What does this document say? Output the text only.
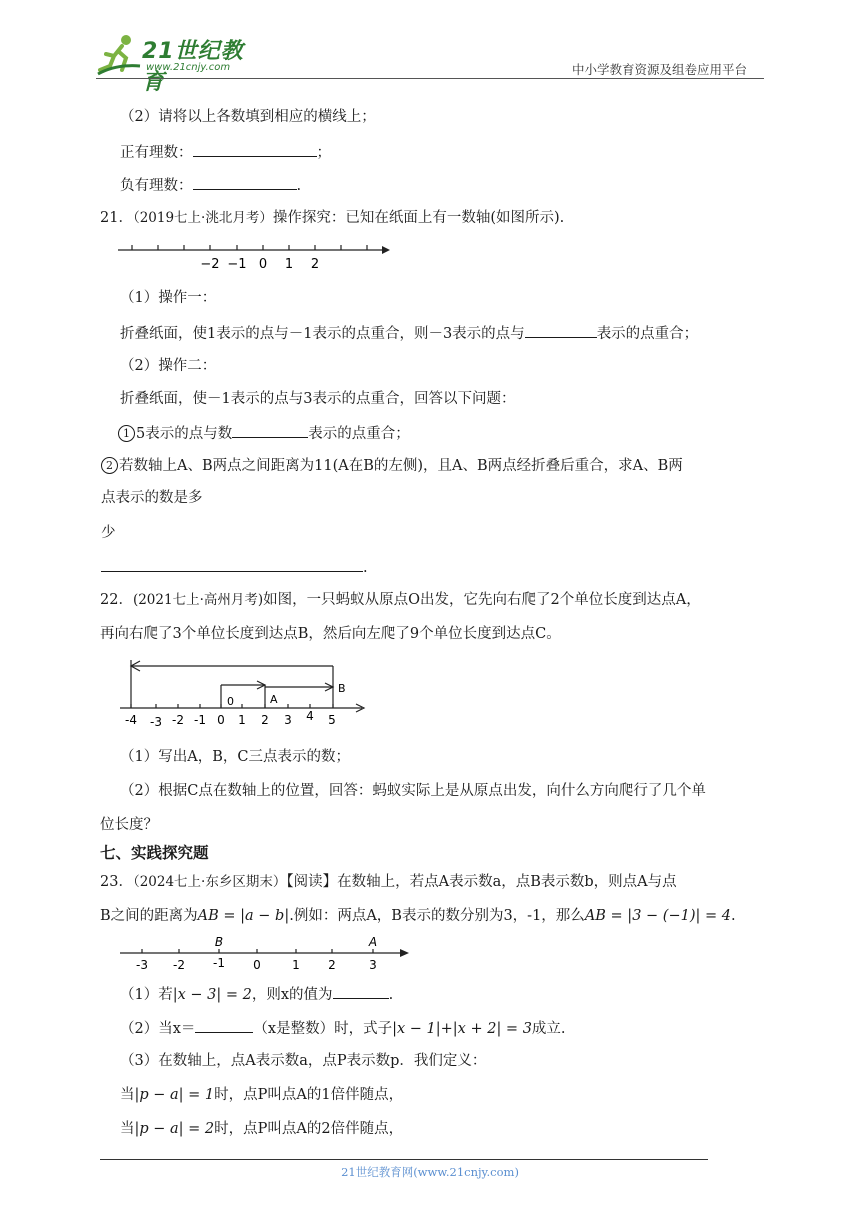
21世纪教育
www.21cnjy.com	中小学教育资源及组卷应用平台
（2）请将以上各数填到相应的横线上；
正有理数：	；
负有理数：	.
21．（2019七上·洮北月考）操作探究：已知在纸面上有一数轴(如图所示).
−2 −1 0 1 2
（1）操作一：
折叠纸面，使1表示的点与－1表示的点重合，则－3表示的点与	表示的点重合；
（2）操作二：
折叠纸面，使－1表示的点与3表示的点重合，回答以下问题：
1 5表示的点与数	表示的点重合；
2 若数轴上A、B两点之间距离为11(A在B的左侧)，且A、B两点经折叠后重合，求A、B两
点表示的数是多
少
.
22．(2021七上·高州月考)如图，一只蚂蚁从原点O出发，它先向右爬了2个单位长度到达点A，
再向右爬了3个单位长度到达点B，然后向左爬了9个单位长度到达点C。
0	A
B
-4 -3 -2 -1 0 1 2 3 4 5
（1）写出A，B，C三点表示的数；
（2）根据C点在数轴上的位置，回答：蚂蚁实际上是从原点出发，向什么方向爬行了几个单
位长度？
七、实践探究题
23．（2024七上·东乡区期末）【阅读】在数轴上，若点A表示数a，点B表示数b，则点A与点
B之间的距离为AB = |a − b|.例如：两点A，B表示的数分别为3，-1，那么AB = |3 − (−1)| = 4.
B	A
-3 -2 -1 0	1 2	3
（1）若|x − 3| = 2，则x的值为	.
（2）当x＝	（x是整数）时，式子|x − 1|+|x + 2| = 3成立.
（3）在数轴上，点A表示数a，点P表示数p．我们定义：
当|p − a| = 1时，点P叫点A的1倍伴随点，
当|p − a| = 2时，点P叫点A的2倍伴随点，
21世纪教育网(www.21cnjy.com)
